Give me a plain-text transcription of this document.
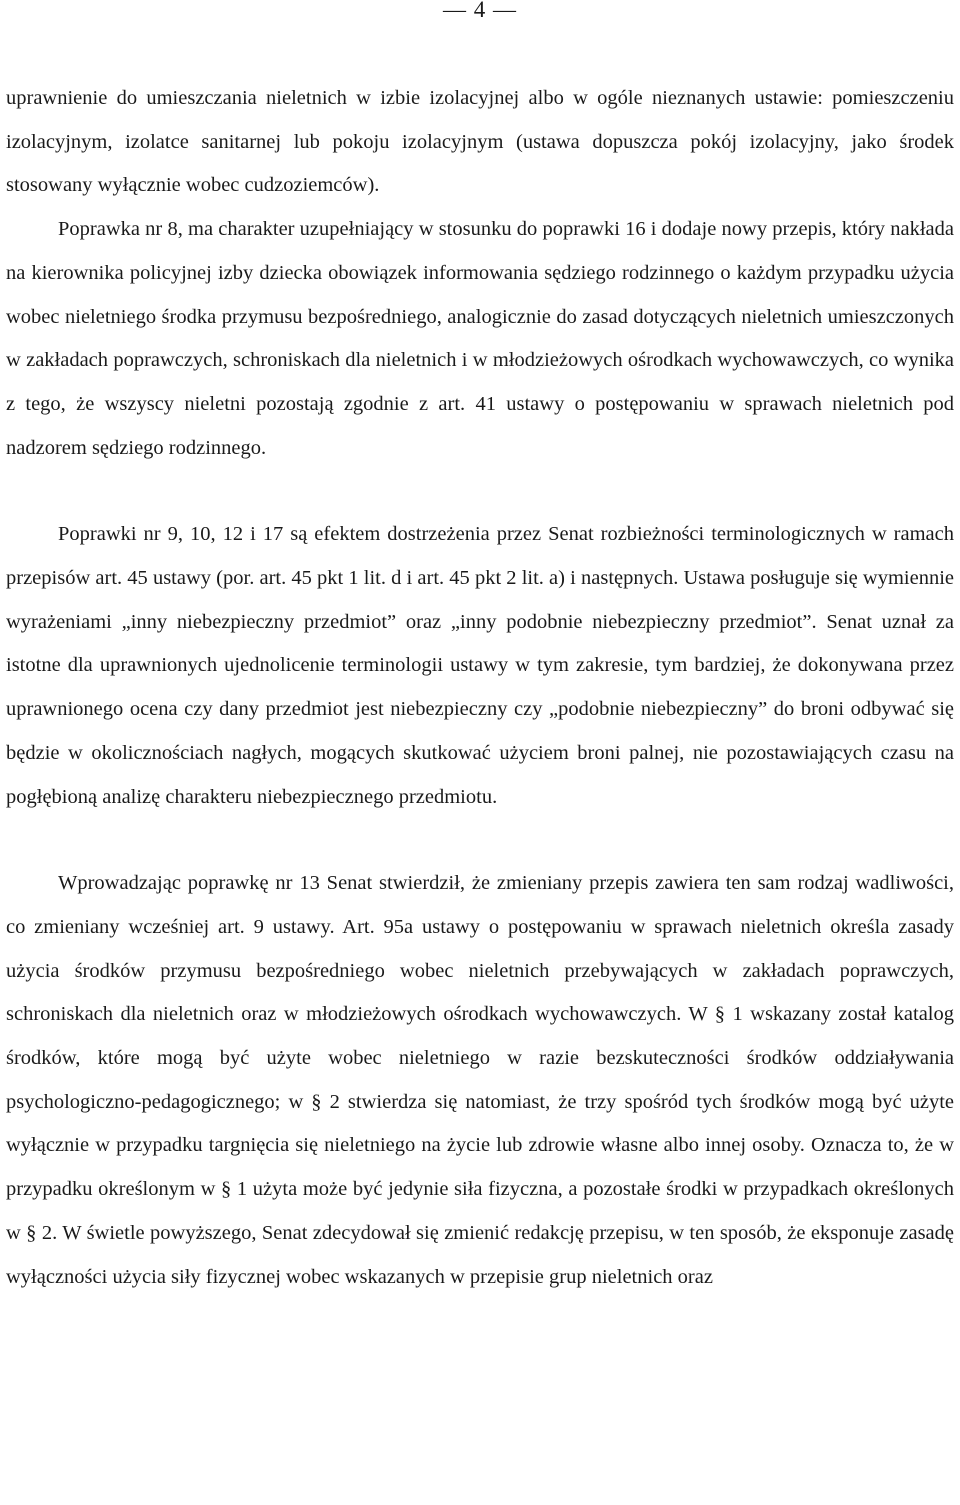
— 4 —

uprawnienie do umieszczania nieletnich w izbie izolacyjnej albo w ogóle nieznanych ustawie: pomieszczeniu izolacyjnym, izolatce sanitarnej lub pokoju izolacyjnym (ustawa dopuszcza pokój izolacyjny, jako środek stosowany wyłącznie wobec cudzoziemców).

Poprawka nr 8, ma charakter uzupełniający w stosunku do poprawki 16 i dodaje nowy przepis, który nakłada na kierownika policyjnej izby dziecka obowiązek informowania sędziego rodzinnego o każdym przypadku użycia wobec nieletniego środka przymusu bezpośredniego, analogicznie do zasad dotyczących nieletnich umieszczonych w zakładach poprawczych, schroniskach dla nieletnich i w młodzieżowych ośrodkach wychowawczych, co wynika z tego, że wszyscy nieletni pozostają zgodnie z art. 41 ustawy o postępowaniu w sprawach nieletnich pod nadzorem sędziego rodzinnego.

Poprawki nr 9, 10, 12 i 17 są efektem dostrzeżenia przez Senat rozbieżności terminologicznych w ramach przepisów art. 45 ustawy (por. art. 45 pkt 1 lit. d i art. 45 pkt 2 lit. a) i następnych. Ustawa posługuje się wymiennie wyrażeniami „inny niebezpieczny przedmiot” oraz „inny podobnie niebezpieczny przedmiot”. Senat uznał za istotne dla uprawnionych ujednolicenie terminologii ustawy w tym zakresie, tym bardziej, że dokonywana przez uprawnionego ocena czy dany przedmiot jest niebezpieczny czy „podobnie niebezpieczny” do broni odbywać się będzie w okolicznościach nagłych, mogących skutkować użyciem broni palnej, nie pozostawiających czasu na pogłębioną analizę charakteru niebezpiecznego przedmiotu.

Wprowadzając poprawkę nr 13 Senat stwierdził, że zmieniany przepis zawiera ten sam rodzaj wadliwości, co zmieniany wcześniej art. 9 ustawy. Art. 95a ustawy o postępowaniu w sprawach nieletnich określa zasady użycia środków przymusu bezpośredniego wobec nieletnich przebywających w zakładach poprawczych, schroniskach dla nieletnich oraz w młodzieżowych ośrodkach wychowawczych. W § 1 wskazany został katalog środków, które mogą być użyte wobec nieletniego w razie bezskuteczności środków oddziaływania psychologiczno-pedagogicznego; w § 2 stwierdza się natomiast, że trzy spośród tych środków mogą być użyte wyłącznie w przypadku targnięcia się nieletniego na życie lub zdrowie własne albo innej osoby. Oznacza to, że w przypadku określonym w § 1 użyta może być jedynie siła fizyczna, a pozostałe środki w przypadkach określonych w § 2. W świetle powyższego, Senat zdecydował się zmienić redakcję przepisu, w ten sposób, że eksponuje zasadę wyłączności użycia siły fizycznej wobec wskazanych w przepisie grup nieletnich oraz
